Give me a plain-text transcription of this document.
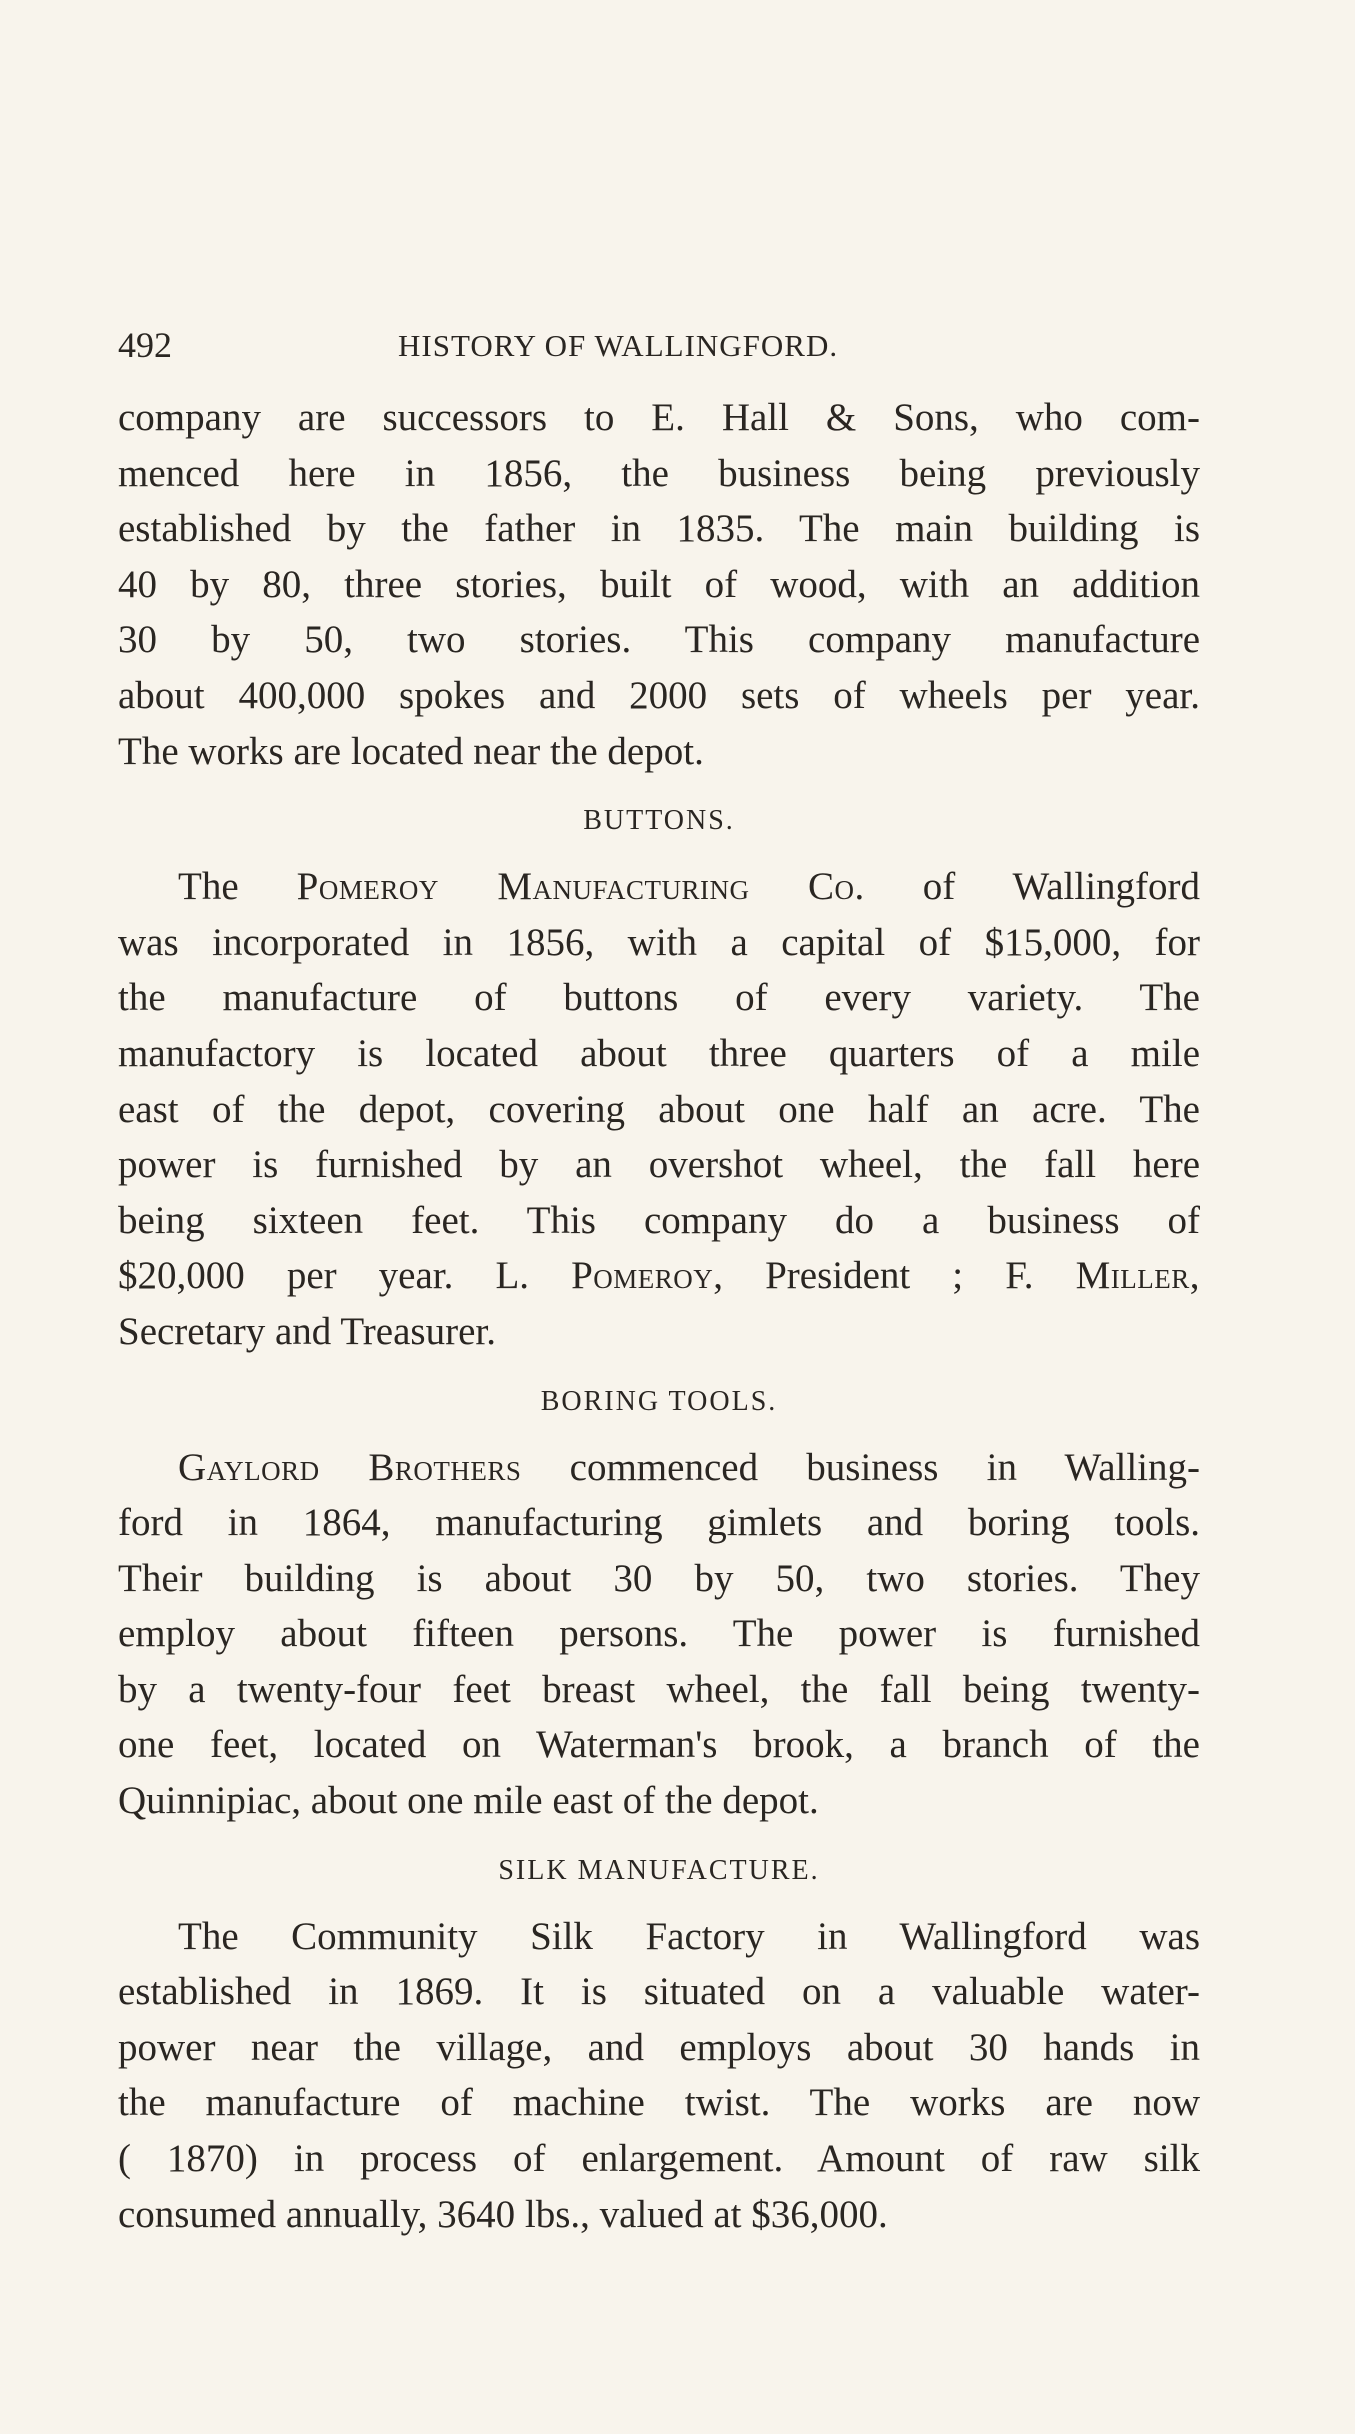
492	HISTORY OF WALLINGFORD.
company are successors to E. Hall & Sons, who com-
menced here in 1856, the business being previously
established by the father in 1835. The main building is
40 by 80, three stories, built of wood, with an addition
30 by 50, two stories. This company manufacture
about 400,000 spokes and 2000 sets of wheels per year.
The works are located near the depot.
BUTTONS.
The Pomeroy Manufacturing Co. of Wallingford
was incorporated in 1856, with a capital of $15,000, for
the manufacture of buttons of every variety. The
manufactory is located about three quarters of a mile
east of the depot, covering about one half an acre. The
power is furnished by an overshot wheel, the fall here
being sixteen feet. This company do a business of
$20,000 per year. L. Pomeroy, President ; F. Miller,
Secretary and Treasurer.
BORING TOOLS.
Gaylord Brothers commenced business in Walling-
ford in 1864, manufacturing gimlets and boring tools.
Their building is about 30 by 50, two stories. They
employ about fifteen persons. The power is furnished
by a twenty-four feet breast wheel, the fall being twenty-
one feet, located on Waterman's brook, a branch of the
Quinnipiac, about one mile east of the depot.
SILK MANUFACTURE.
The Community Silk Factory in Wallingford was
established in 1869. It is situated on a valuable water-
power near the village, and employs about 30 hands in
the manufacture of machine twist. The works are now
( 1870) in process of enlargement. Amount of raw silk
consumed annually, 3640 lbs., valued at $36,000.
